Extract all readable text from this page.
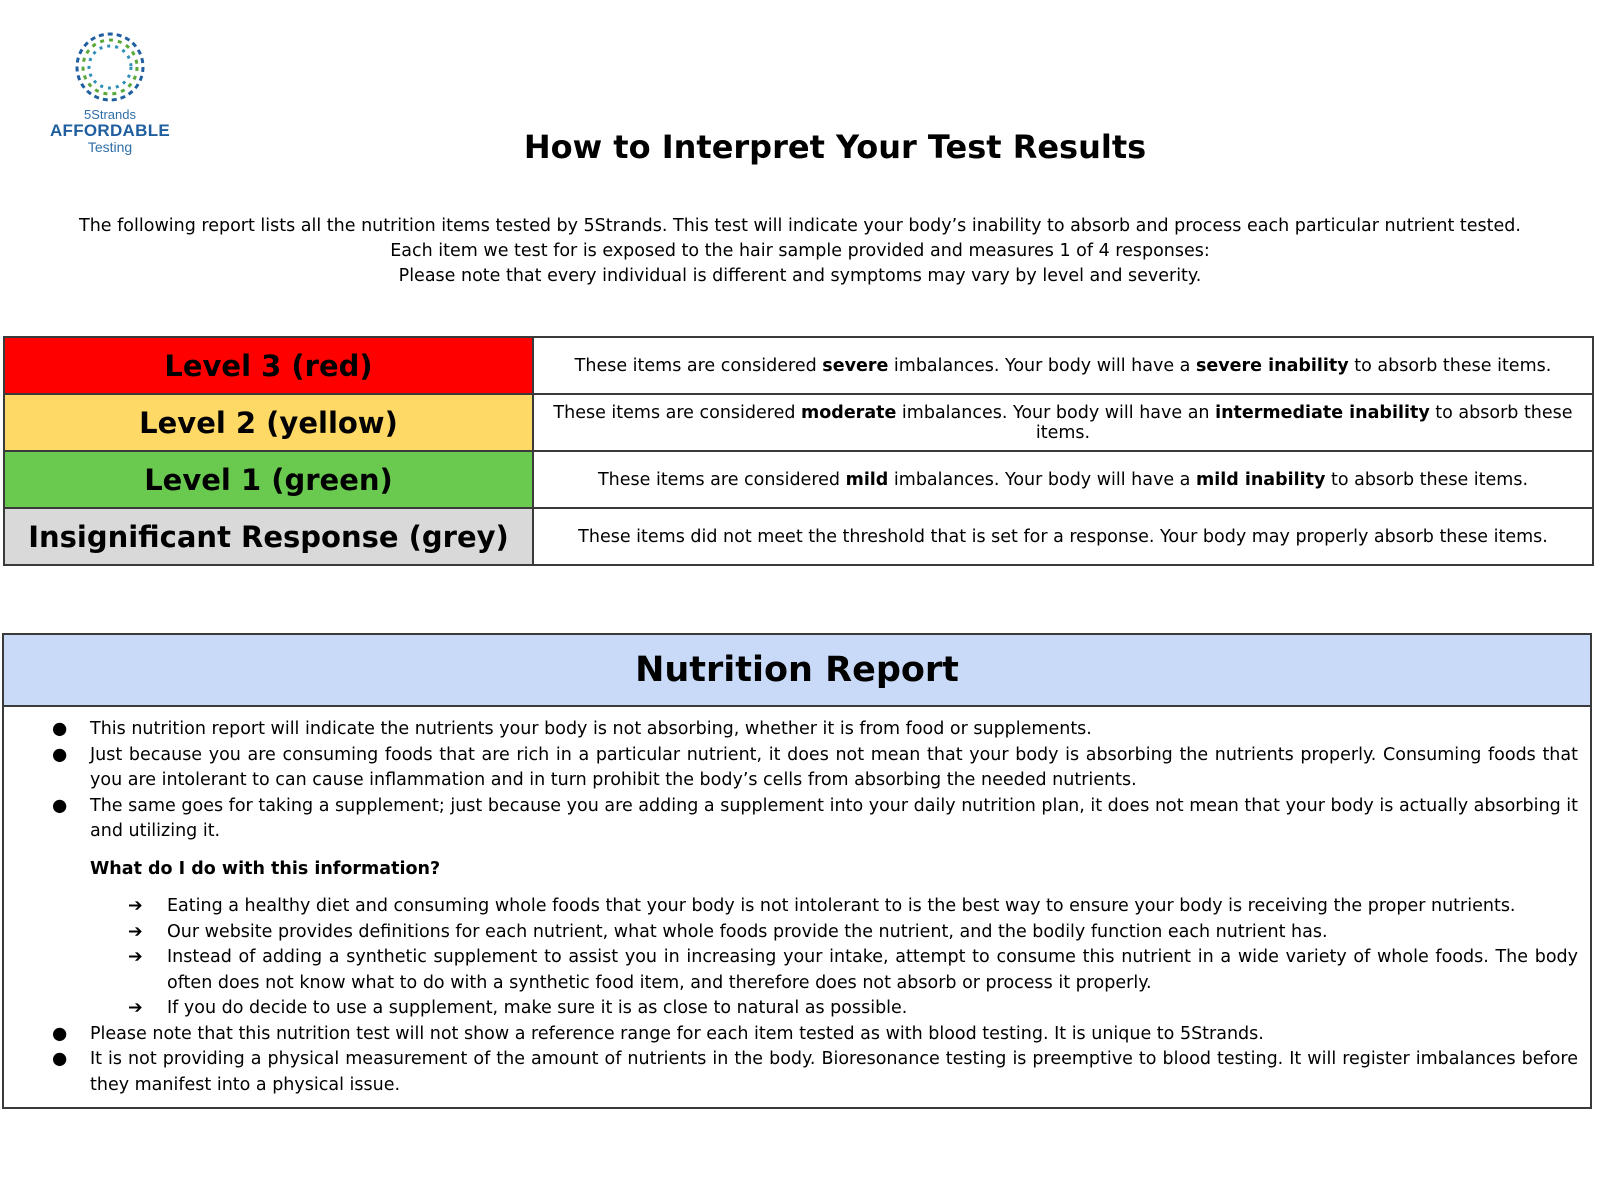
5Strands
AFFORDABLE
Testing	How to Interpret Your Test Results
The following report lists all the nutrition items tested by 5Strands. This test will indicate your body’s inability to absorb and process each particular nutrient tested.
Each item we test for is exposed to the hair sample provided and measures 1 of 4 responses:
Please note that every individual is different and symptoms may vary by level and severity.
Level 3 (red)	These items are considered severe imbalances. Your body will have a severe inability to absorb these items.
Level 2 (yellow)	These items are considered moderate imbalances. Your body will have an intermediate inability to absorb these items.
Level 1 (green)	These items are considered mild imbalances. Your body will have a mild inability to absorb these items.
Insignificant Response (grey)	These items did not meet the threshold that is set for a response. Your body may properly absorb these items.
Nutrition Report
● This nutrition report will indicate the nutrients your body is not absorbing, whether it is from food or supplements.
● Just because you are consuming foods that are rich in a particular nutrient, it does not mean that your body is absorbing the nutrients properly. Consuming foods that you are intolerant to can cause inflammation and in turn prohibit the body’s cells from absorbing the needed nutrients.
● The same goes for taking a supplement; just because you are adding a supplement into your daily nutrition plan, it does not mean that your body is actually absorbing it and utilizing it.
What do I do with this information?
➔ Eating a healthy diet and consuming whole foods that your body is not intolerant to is the best way to ensure your body is receiving the proper nutrients.
➔ Our website provides definitions for each nutrient, what whole foods provide the nutrient, and the bodily function each nutrient has.
➔ Instead of adding a synthetic supplement to assist you in increasing your intake, attempt to consume this nutrient in a wide variety of whole foods. The body often does not know what to do with a synthetic food item, and therefore does not absorb or process it properly.
➔ If you do decide to use a supplement, make sure it is as close to natural as possible.
● Please note that this nutrition test will not show a reference range for each item tested as with blood testing. It is unique to 5Strands.
● It is not providing a physical measurement of the amount of nutrients in the body. Bioresonance testing is preemptive to blood testing. It will register imbalances before they manifest into a physical issue.
